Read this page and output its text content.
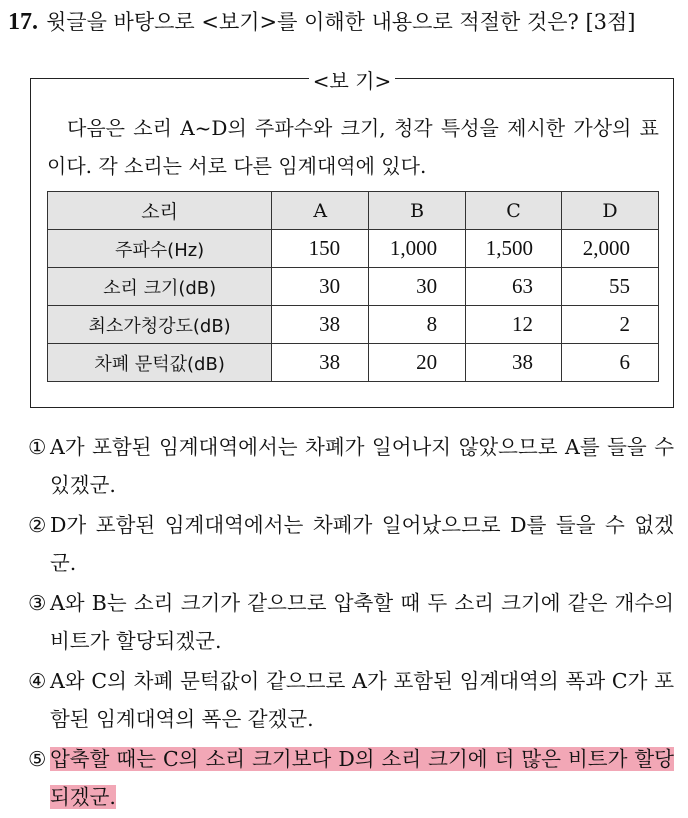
17. 윗글을 바탕으로 <보기>를 이해한 내용으로 적절한 것은? [3점]
<보 기>
다음은 소리 A~D의 주파수와 크기, 청각 특성을 제시한 가상의 표이다. 각 소리는 서로 다른 임계대역에 있다.
소리	A	B	C	D
주파수(Hz)	150	1,000	1,500	2,000
소리 크기(dB)	30	30	63	55
최소가청강도(dB)	38	8	12	2
차폐 문턱값(dB)	38	20	38	6
① A가 포함된 임계대역에서는 차폐가 일어나지 않았으므로 A를 들을 수 있겠군.
② D가 포함된 임계대역에서는 차폐가 일어났으므로 D를 들을 수 없겠군.
③ A와 B는 소리 크기가 같으므로 압축할 때 두 소리 크기에 같은 개수의 비트가 할당되겠군.
④ A와 C의 차폐 문턱값이 같으므로 A가 포함된 임계대역의 폭과 C가 포함된 임계대역의 폭은 같겠군.
⑤ 압축할 때는 C의 소리 크기보다 D의 소리 크기에 더 많은 비트가 할당되겠군.
